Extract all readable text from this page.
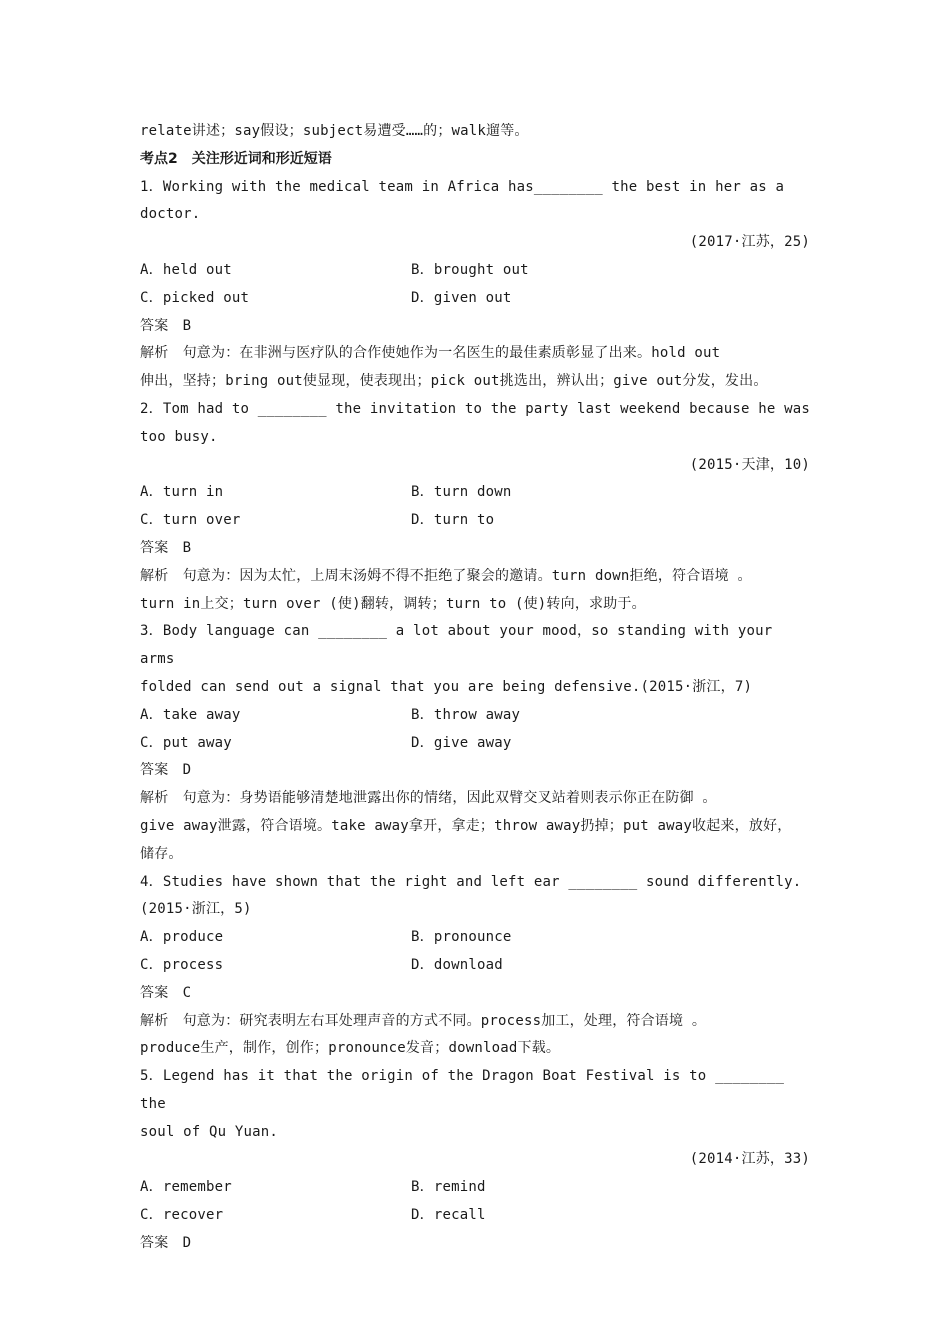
relate讲述；say假设；subject易遭受……的；walk遛等。
考点2　关注形近词和形近短语
1．Working with the medical team in Africa has________ the best in her as a
doctor.
(2017·江苏，25)
A．held out	B．brought out
C．picked out	D．given out
答案　B
解析　句意为：在非洲与医疗队的合作使她作为一名医生的最佳素质彰显了出来。hold out
伸出，坚持；bring out使显现，使表现出；pick out挑选出，辨认出；give out分发，发出。
2．Tom had to ________ the invitation to the party last weekend because he was
too busy.
(2015·天津，10)
A．turn in	B．turn down
C．turn over	D．turn to
答案　B
解析　句意为：因为太忙，上周末汤姆不得不拒绝了聚会的邀请。turn down拒绝，符合语境 。
turn in上交；turn over (使)翻转，调转；turn to (使)转向，求助于。
3．Body language can ________ a lot about your mood，so standing with your arms
folded can send out a signal that you are being defensive.(2015·浙江，7)
A．take away	B．throw away
C．put away	D．give away
答案　D
解析　句意为：身势语能够清楚地泄露出你的情绪，因此双臂交叉站着则表示你正在防御 。
give away泄露，符合语境。take away拿开，拿走；throw away扔掉；put away收起来，放好，
储存。
4．Studies have shown that the right and left ear ________ sound differently.
(2015·浙江，5)
A．produce	B．pronounce
C．process	D．download
答案　C
解析　句意为：研究表明左右耳处理声音的方式不同。process加工，处理，符合语境 。
produce生产，制作，创作；pronounce发音；download下载。
5．Legend has it that the origin of the Dragon Boat Festival is to ________ the
soul of Qu Yuan.
(2014·江苏，33)
A．remember	B．remind
C．recover	D．recall
答案　D
